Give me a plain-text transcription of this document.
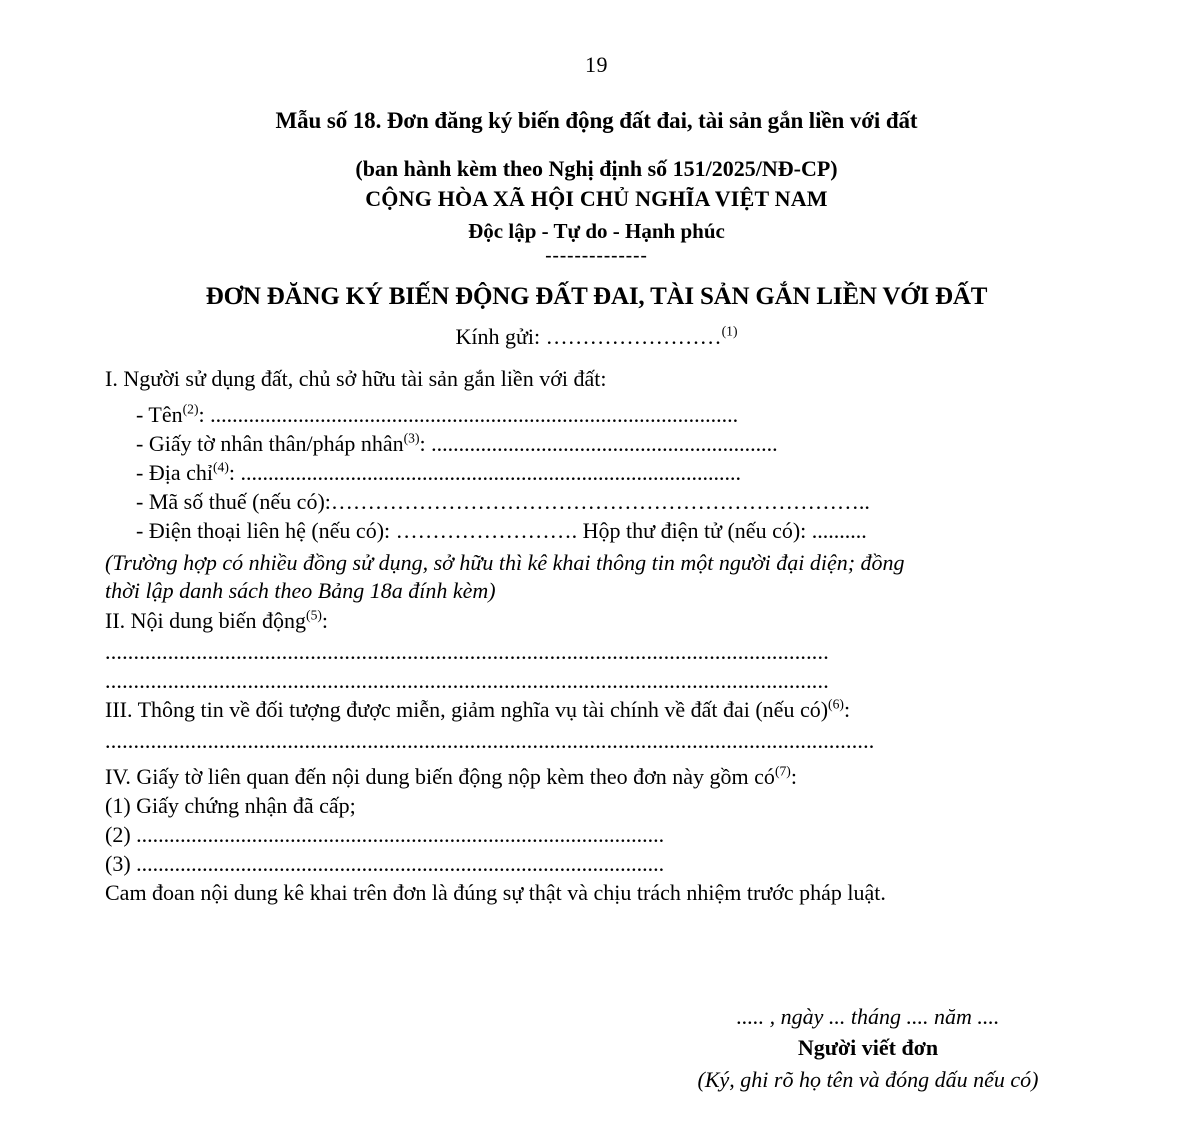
19
Mẫu số 18. Đơn đăng ký biến động đất đai, tài sản gắn liền với đất
(ban hành kèm theo Nghị định số 151/2025/NĐ-CP)
CỘNG HÒA XÃ HỘI CHỦ NGHĨA VIỆT NAM
Độc lập - Tự do - Hạnh phúc
--------------
ĐƠN ĐĂNG KÝ BIẾN ĐỘNG ĐẤT ĐAI, TÀI SẢN GẮN LIỀN VỚI ĐẤT
Kính gửi: ……………………$^{(1)}$
I. Người sử dụng đất, chủ sở hữu tài sản gắn liền với đất:
- Tên$^{(2)}$: ................................................................................................
- Giấy tờ nhân thân/pháp nhân$^{(3)}$: ...............................................................
- Địa chỉ$^{(4)}$: ...........................................................................................
- Mã số thuế (nếu có):………………………………………………………………..
- Điện thoại liên hệ (nếu có): ……………………. Hộp thư điện tử (nếu có): ..........
(Trường hợp có nhiều đồng sử dụng, sở hữu thì kê khai thông tin một người đại diện; đồng
thời lập danh sách theo Bảng 18a đính kèm)
II. Nội dung biến động$^{(5)}$:
...............................................................................................................................
...............................................................................................................................
III. Thông tin về đối tượng được miễn, giảm nghĩa vụ tài chính về đất đai (nếu có)$^{(6)}$:
.......................................................................................................................................
IV. Giấy tờ liên quan đến nội dung biến động nộp kèm theo đơn này gồm $có^{(7)}$:
(1) Giấy chứng nhận đã cấp;
(2) ................................................................................................
(3) ................................................................................................
Cam đoan nội dung kê khai trên đơn là đúng sự thật và chịu trách nhiệm trước pháp luật.
..... , ngày ... tháng .... năm ....
Người viết đơn
(Ký, ghi rõ họ tên và đóng dấu nếu có)
